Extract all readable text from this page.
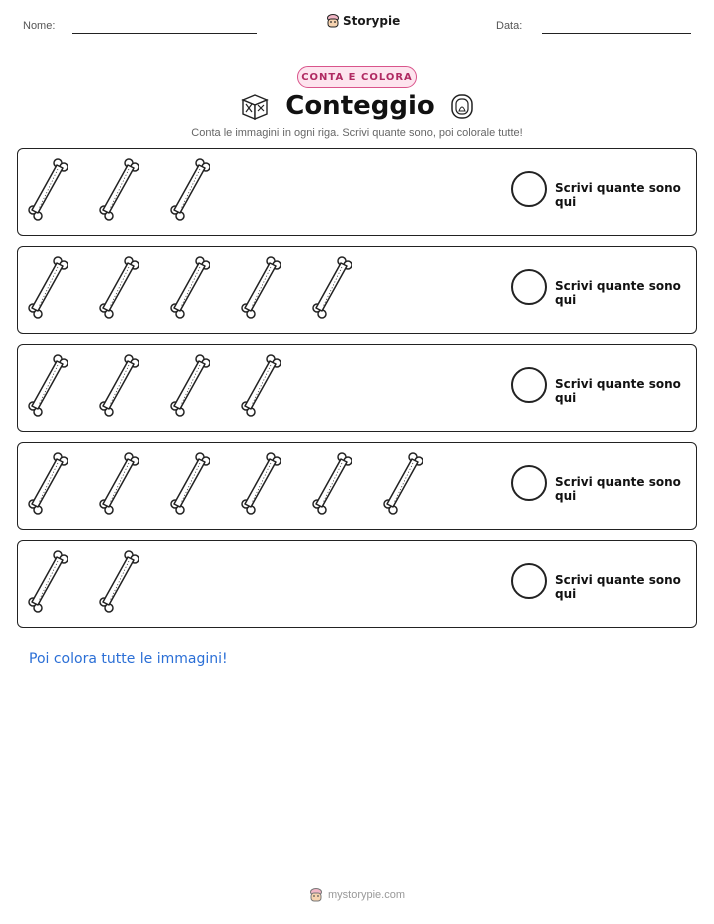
Nome:	Storypie	Data:
CONTA E COLORA
Conteggio
Conta le immagini in ogni riga. Scrivi quante sono, poi colorale tutte!
Scrivi quante sono qui
Scrivi quante sono qui
Scrivi quante sono qui
Scrivi quante sono qui
Scrivi quante sono qui
Poi colora tutte le immagini!
mystorypie.com
